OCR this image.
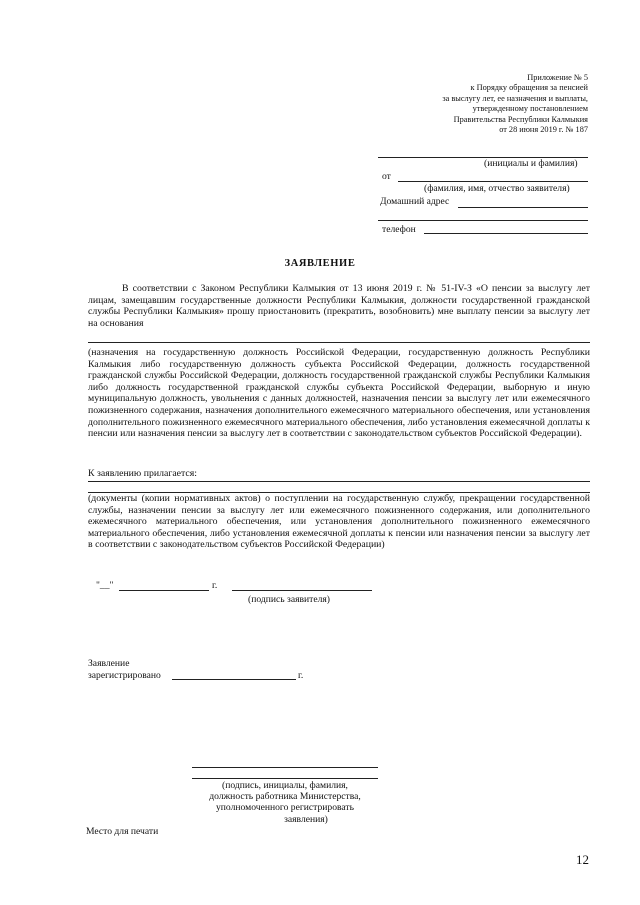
Приложение № 5
к Порядку обращения за пенсией
за выслугу лет, ее назначения и выплаты,
утвержденному постановлением
Правительства Республики Калмыкия
от 28 июня 2019 г. № 187
(инициалы и фамилия)
от
(фамилия, имя, отчество заявителя)
Домашний адрес
телефон
ЗАЯВЛЕНИЕ
В соответствии с Законом Республики Калмыкия от 13 июня 2019 г. № 51-IV-З «О пенсии за выслугу лет лицам, замещавшим государственные должности Республики Калмыкия, должности государственной гражданской службы Республики Калмыкия» прошу приостановить (прекратить, возобновить) мне выплату пенсии за выслугу лет на основания
(назначения на государственную должность Российской Федерации, государственную должность Республики Калмыкия либо государственную должность субъекта Российской Федерации, должность государственной гражданской службы Российской Федерации, должность государственной гражданской службы Республики Калмыкия либо должность государственной гражданской службы субъекта Российской Федерации, выборную и иную муниципальную должность, увольнения с данных должностей, назначения пенсии за выслугу лет или ежемесячного пожизненного содержания, назначения дополнительного ежемесячного материального обеспечения, или установления дополнительного пожизненного ежемесячного материального обеспечения, либо установления ежемесячной доплаты к пенсии или назначения пенсии за выслугу лет в соответствии с законодательством субъектов Российской Федерации).
К заявлению прилагается:
(документы (копии нормативных актов) о поступлении на государственную службу, прекращении государственной службы, назначении пенсии за выслугу лет или ежемесячного пожизненного содержания, или дополнительного ежемесячного материального обеспечения, или установления дополнительного пожизненного ежемесячного материального обеспечения, либо установления ежемесячной доплаты к пенсии или назначения пенсии за выслугу лет в соответствии с законодательством субъектов Российской Федерации)
"__"	г.
(подпись заявителя)
Заявление
зарегистрировано	г.
(подпись, инициалы, фамилия,
должность работника Министерства,
уполномоченного регистрировать
заявления)
Место для печати
12
